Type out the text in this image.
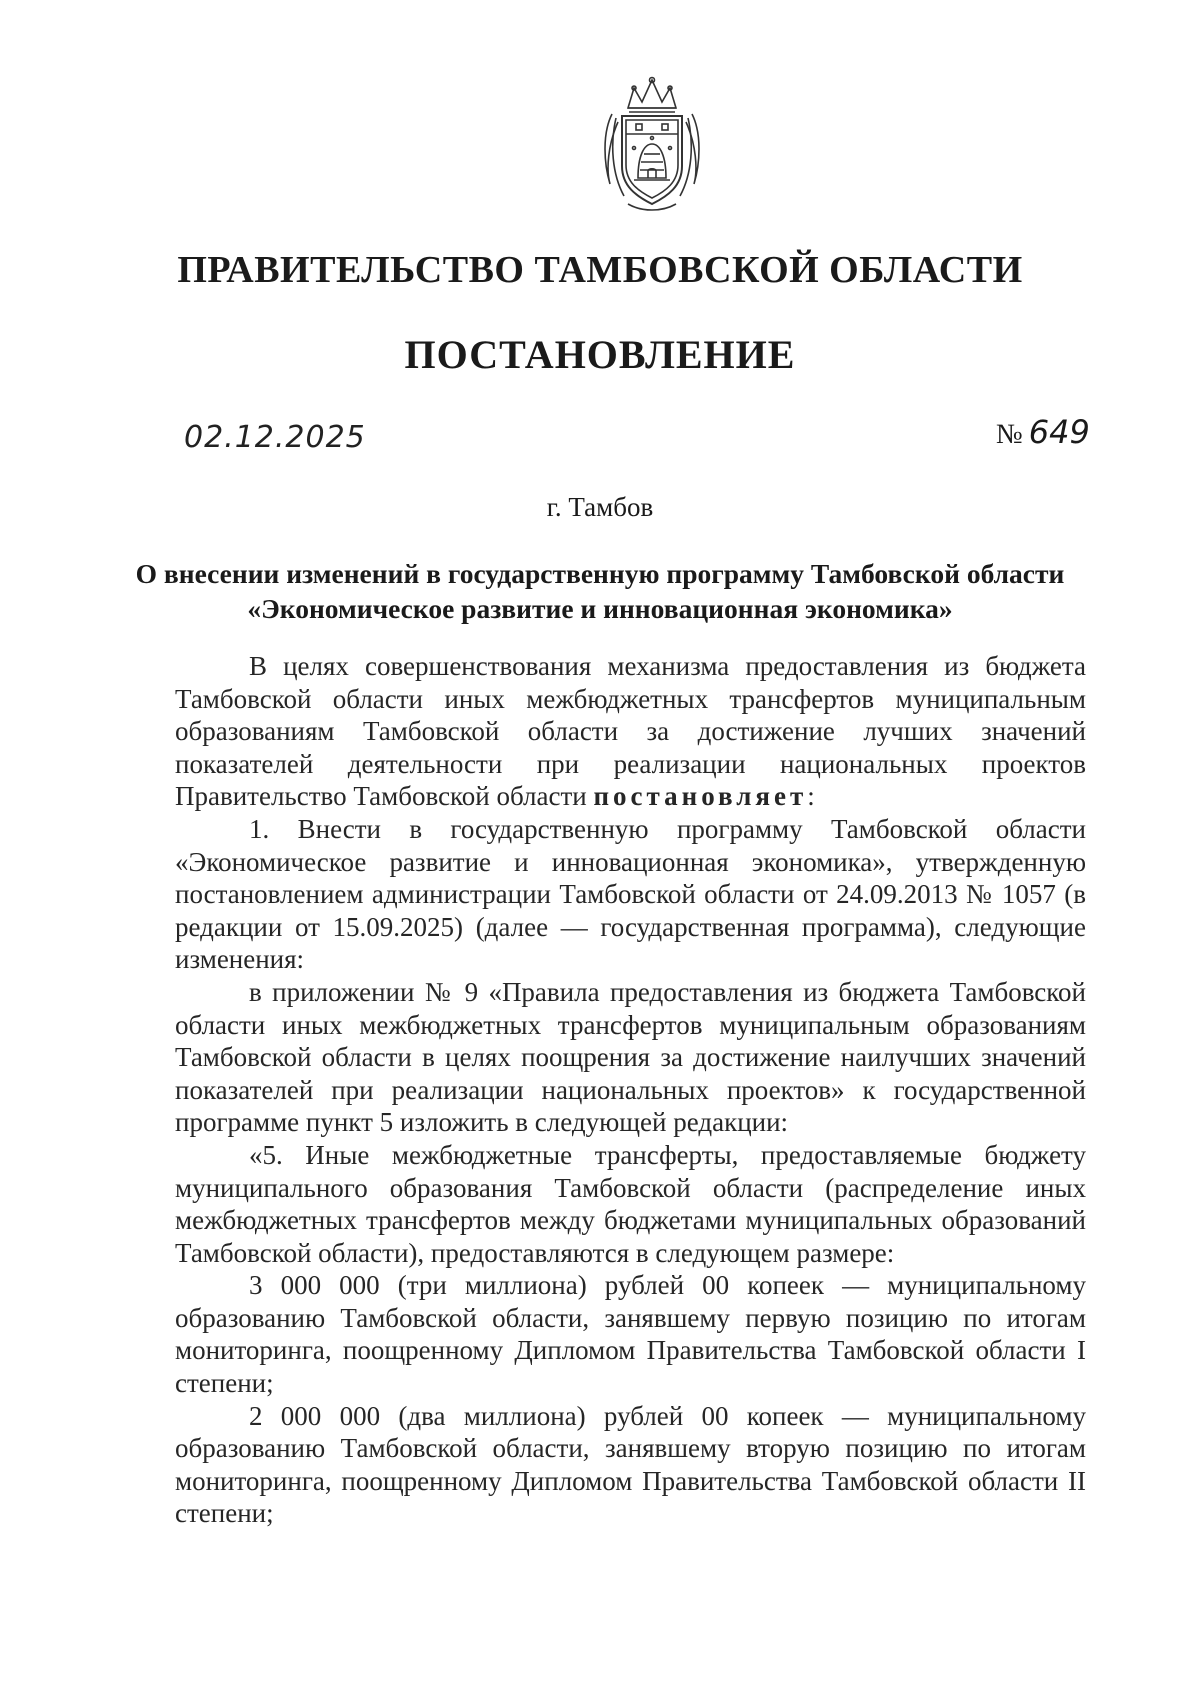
ПРАВИТЕЛЬСТВО ТАМБОВСКОЙ ОБЛАСТИ
ПОСТАНОВЛЕНИЕ
02.12.2025	№ 649
г. Тамбов
О внесении изменений в государственную программу Тамбовской области
«Экономическое развитие и инновационная экономика»

В целях совершенствования механизма предоставления из бюджета Тамбовской области иных межбюджетных трансфертов муниципальным образованиям Тамбовской области за достижение лучших значений показателей деятельности при реализации национальных проектов Правительство Тамбовской области постановляет:

1. Внести в государственную программу Тамбовской области «Экономическое развитие и инновационная экономика», утвержденную постановлением администрации Тамбовской области от 24.09.2013 № 1057 (в редакции от 15.09.2025) (далее — государственная программа), следующие изменения:

в приложении № 9 «Правила предоставления из бюджета Тамбовской области иных межбюджетных трансфертов муниципальным образованиям Тамбовской области в целях поощрения за достижение наилучших значений показателей при реализации национальных проектов» к государственной программе пункт 5 изложить в следующей редакции:

«5. Иные межбюджетные трансферты, предоставляемые бюджету муниципального образования Тамбовской области (распределение иных межбюджетных трансфертов между бюджетами муниципальных образований Тамбовской области), предоставляются в следующем размере:

3 000 000 (три миллиона) рублей 00 копеек — муниципальному образованию Тамбовской области, занявшему первую позицию по итогам мониторинга, поощренному Дипломом Правительства Тамбовской области I степени;

2 000 000 (два миллиона) рублей 00 копеек — муниципальному образованию Тамбовской области, занявшему вторую позицию по итогам мониторинга, поощренному Дипломом Правительства Тамбовской области II степени;
